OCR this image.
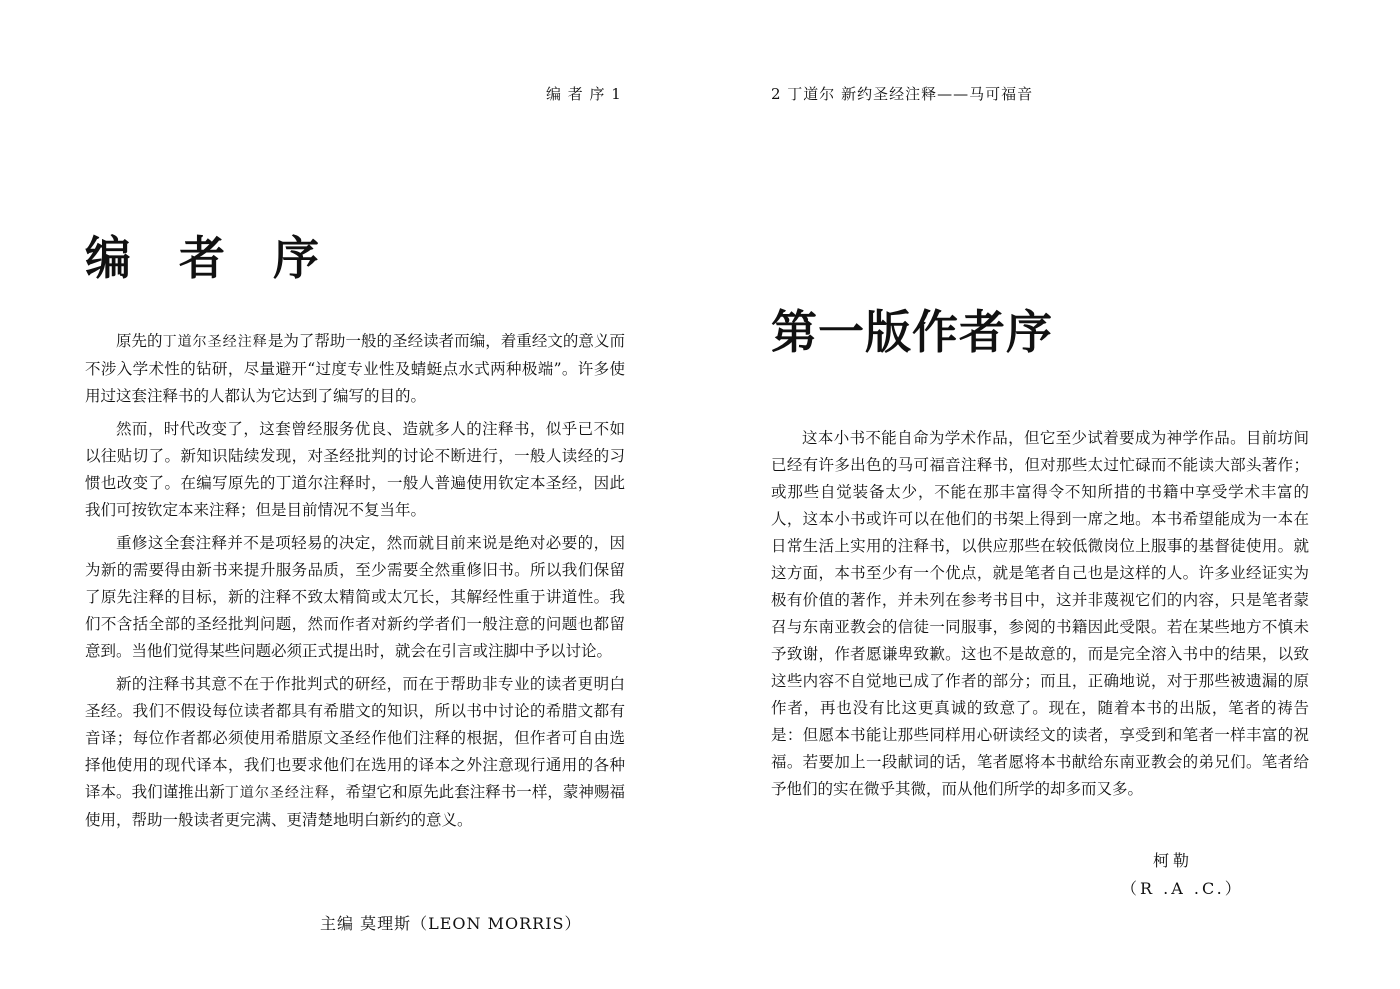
编 者 序 1
编 者 序

原先的丁道尔圣经注释是为了帮助一般的圣经读者而编，着重经文的意义而不涉入学术性的钻研，尽量避开“过度专业性及蜻蜓点水式两种极端”。许多使用过这套注释书的人都认为它达到了编写的目的。

然而，时代改变了，这套曾经服务优良、造就多人的注释书，似乎已不如以往贴切了。新知识陆续发现，对圣经批判的讨论不断进行，一般人读经的习惯也改变了。在编写原先的丁道尔注释时，一般人普遍使用钦定本圣经，因此我们可按钦定本来注释；但是目前情况不复当年。

重修这全套注释并不是项轻易的决定，然而就目前来说是绝对必要的，因为新的需要得由新书来提升服务品质，至少需要全然重修旧书。所以我们保留了原先注释的目标，新的注释不致太精简或太冗长，其解经性重于讲道性。我们不含括全部的圣经批判问题，然而作者对新约学者们一般注意的问题也都留意到。当他们觉得某些问题必须正式提出时，就会在引言或注脚中予以讨论。

新的注释书其意不在于作批判式的研经，而在于帮助非专业的读者更明白圣经。我们不假设每位读者都具有希腊文的知识，所以书中讨论的希腊文都有音译；每位作者都必须使用希腊原文圣经作他们注释的根据，但作者可自由选择他使用的现代译本，我们也要求他们在选用的译本之外注意现行通用的各种译本。我们谨推出新丁道尔圣经注释，希望它和原先此套注释书一样，蒙神赐福使用，帮助一般读者更完满、更清楚地明白新约的意义。

主编 莫理斯（LEON MORRIS）
2 丁道尔 新约圣经注释——马可福音
第一版作者序

这本小书不能自命为学术作品，但它至少试着要成为神学作品。目前坊间已经有许多出色的马可福音注释书，但对那些太过忙碌而不能读大部头著作；或那些自觉装备太少，不能在那丰富得令不知所措的书籍中享受学术丰富的人，这本小书或许可以在他们的书架上得到一席之地。本书希望能成为一本在日常生活上实用的注释书，以供应那些在较低微岗位上服事的基督徒使用。就这方面，本书至少有一个优点，就是笔者自己也是这样的人。许多业经证实为极有价值的著作，并未列在参考书目中，这并非蔑视它们的内容，只是笔者蒙召与东南亚教会的信徒一同服事，参阅的书籍因此受限。若在某些地方不慎未予致谢，作者愿谦卑致歉。这也不是故意的，而是完全溶入书中的结果，以致这些内容不自觉地已成了作者的部分；而且，正确地说，对于那些被遗漏的原作者，再也没有比这更真诚的致意了。现在，随着本书的出版，笔者的祷告是：但愿本书能让那些同样用心研读经文的读者，享受到和笔者一样丰富的祝福。若要加上一段献词的话，笔者愿将本书献给东南亚教会的弟兄们。笔者给予他们的实在微乎其微，而从他们所学的却多而又多。

柯勒
（R .A .C.）
